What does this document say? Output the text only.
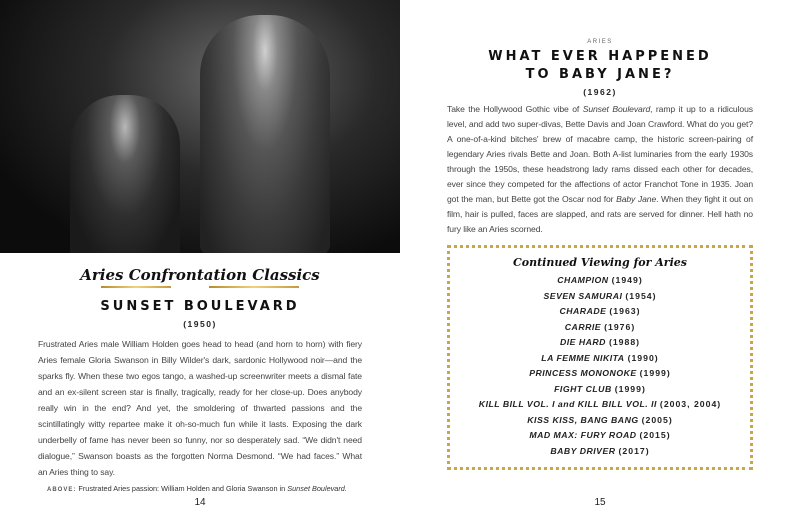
Aries Confrontation Classics
SUNSET BOULEVARD
(1950)
Frustrated Aries male William Holden goes head to head (and horn to horn) with fiery Aries female Gloria Swanson in Billy Wilder's dark, sardonic Hollywood noir—and the sparks fly. When these two egos tango, a washed-up screenwriter meets a dismal fate and an ex-silent screen star is finally, tragically, ready for her close-up. Does anybody really win in the end? And yet, the smoldering of thwarted passions and the scintillatingly witty repartee make it oh-so-much fun while it lasts. Exposing the dark underbelly of fame has never been so funny, nor so desperately sad. “We didn't need dialogue,” Swanson boasts as the forgotten Norma Desmond. “We had faces.” What an Aries thing to say.
ABOVE: Frustrated Aries passion: William Holden and Gloria Swanson in Sunset Boulevard.
14
ARIES
WHAT EVER HAPPENED
TO BABY JANE?
(1962)
Take the Hollywood Gothic vibe of Sunset Boulevard, ramp it up to a ridiculous level, and add two super-divas, Bette Davis and Joan Crawford. What do you get? A one-of-a-kind bitches' brew of macabre camp, the historic screen-pairing of legendary Aries rivals Bette and Joan. Both A-list luminaries from the early 1930s through the 1950s, these headstrong lady rams dissed each other for decades, ever since they competed for the affections of actor Franchot Tone in 1935. Joan got the man, but Bette got the Oscar nod for Baby Jane. When they fight it out on film, hair is pulled, faces are slapped, and rats are served for dinner. Hell hath no fury like an Aries scorned.
Continued Viewing for Aries
CHAMPION (1949)
SEVEN SAMURAI (1954)
CHARADE (1963)
CARRIE (1976)
DIE HARD (1988)
LA FEMME NIKITA (1990)
PRINCESS MONONOKE (1999)
FIGHT CLUB (1999)
KILL BILL VOL. I and KILL BILL VOL. II (2003, 2004)
KISS KISS, BANG BANG (2005)
MAD MAX: FURY ROAD (2015)
BABY DRIVER (2017)
15
